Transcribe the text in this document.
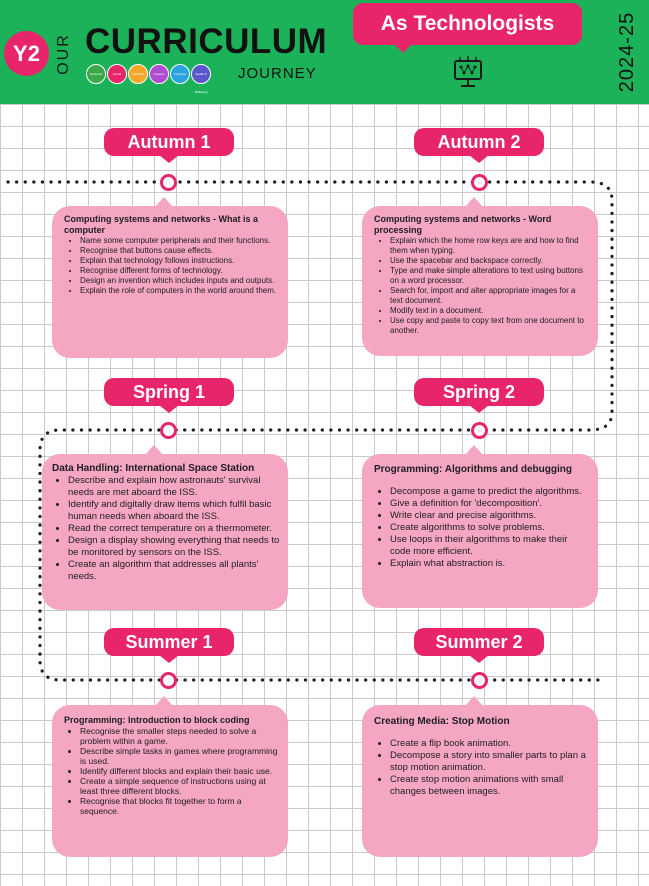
Y2 OUR CURRICULUM
Personal	Social	Spiritual	Creative	Physical	Health & Wellbeing
JOURNEY
As Technologists	2024-25
Autumn 1	Autumn 2
Spring 1	Spring 2
Summer 1	Summer 2

Computing systems and networks - What is a computer

• Name some computer peripherals and their functions.
• Recognise that buttons cause effects.
• Explain that technology follows instructions.
• Recognise different forms of technology.
• Design an invention which includes inputs and outputs.
• Explain the role of computers in the world around them.

Computing systems and networks - Word processing

• Explain which the home row keys are and how to find them when typing.
• Use the spacebar and backspace correctly.
• Type and make simple alterations to text using buttons on a word processor.
• Search for, import and alter appropriate images for a text document.
• Modify text in a document.
• Use copy and paste to copy text from one document to another.

Data Handling: International Space Station

• Describe and explain how astronauts' survival needs are met aboard the ISS.
• Identify and digitally draw items which fulfil basic human needs when aboard the ISS.
• Read the correct temperature on a thermometer.
• Design a display showing everything that needs to be monitored by sensors on the ISS.
• Create an algorithm that addresses all plants' needs.

Programming: Algorithms and debugging

• Decompose a game to predict the algorithms.
• Give a definition for 'decomposition'.
• Write clear and precise algorithms.
• Create algorithms to solve problems.
• Use loops in their algorithms to make their code more efficient.
• Explain what abstraction is.

Programming: Introduction to block coding

• Recognise the smaller steps needed to solve a problem within a game.
• Describe simple tasks in games where programming is used.
• Identify different blocks and explain their basic use.
• Create a simple sequence of instructions using at least three different blocks.
• Recognise that blocks fit together to form a sequence.

Creating Media: Stop Motion

• Create a flip book animation.
• Decompose a story into smaller parts to plan a stop motion animation.
• Create stop motion animations with small changes between images.
